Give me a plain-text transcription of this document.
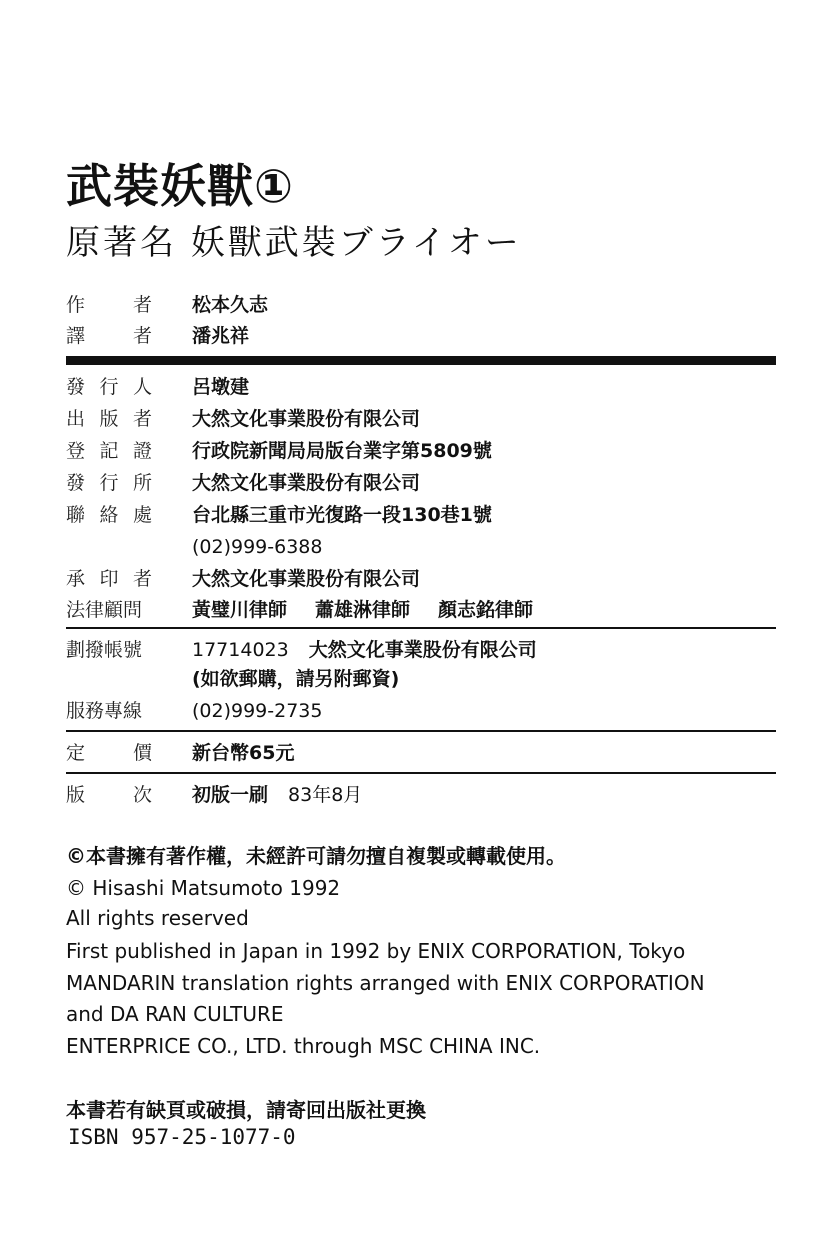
武裝妖獸①
原著名 妖獸武裝ブライオー
作	者 松本久志
譯	者 潘兆祥
發 行 人 呂墩建
出 版 者 大然文化事業股份有限公司
登 記 證 行政院新聞局局版台業字第5809號
發 行 所 大然文化事業股份有限公司
聯 絡 處 台北縣三重市光復路一段130巷1號
(02)999-6388
承 印 者 大然文化事業股份有限公司
法律顧問	黃璧川律師 蕭雄淋律師 顏志銘律師
劃撥帳號	17714023 大然文化事業股份有限公司
(如欲郵購，請另附郵資)
服務專線	(02)999-2735
定	價 新台幣65元
版	次 初版一刷 83年8月
©本書擁有著作權，未經許可請勿擅自複製或轉載使用。
© Hisashi Matsumoto 1992
All rights reserved
First published in Japan in 1992 by ENIX CORPORATION, Tokyo
MANDARIN translation rights arranged with ENIX CORPORATION
and DA RAN CULTURE
ENTERPRICE CO., LTD. through MSC CHINA INC.
本書若有缺頁或破損，請寄回出版社更換
ISBN 957-25-1077-0
